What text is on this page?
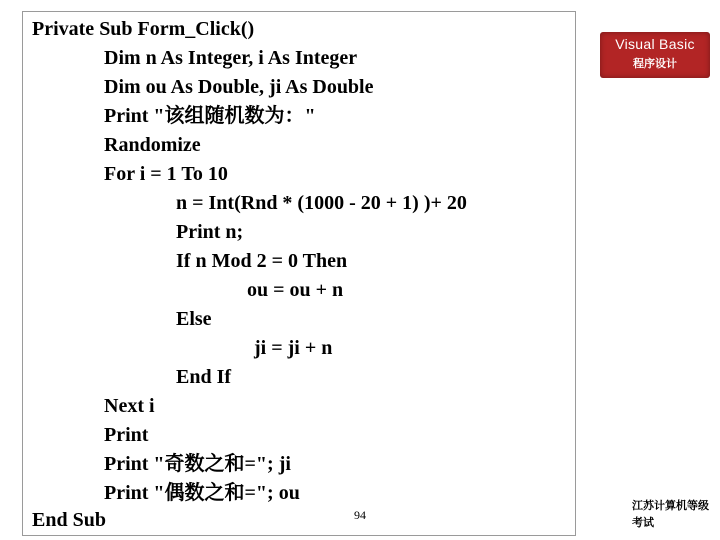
Private Sub Form_Click()
Dim n As Integer, i As Integer
Dim ou As Double, ji As Double
Print "该组随机数为："
Randomize
For i = 1 To 10
n = Int(Rnd * (1000 - 20 + 1) )+ 20
Print n;
If n Mod 2 = 0 Then
ou = ou + n
Else
ji = ji + n
End If
Next i
Print
Print "奇数之和="; ji
Print "偶数之和="; ou
End Sub	94
Visual Basic
程序设计
江苏计算机等级考试
